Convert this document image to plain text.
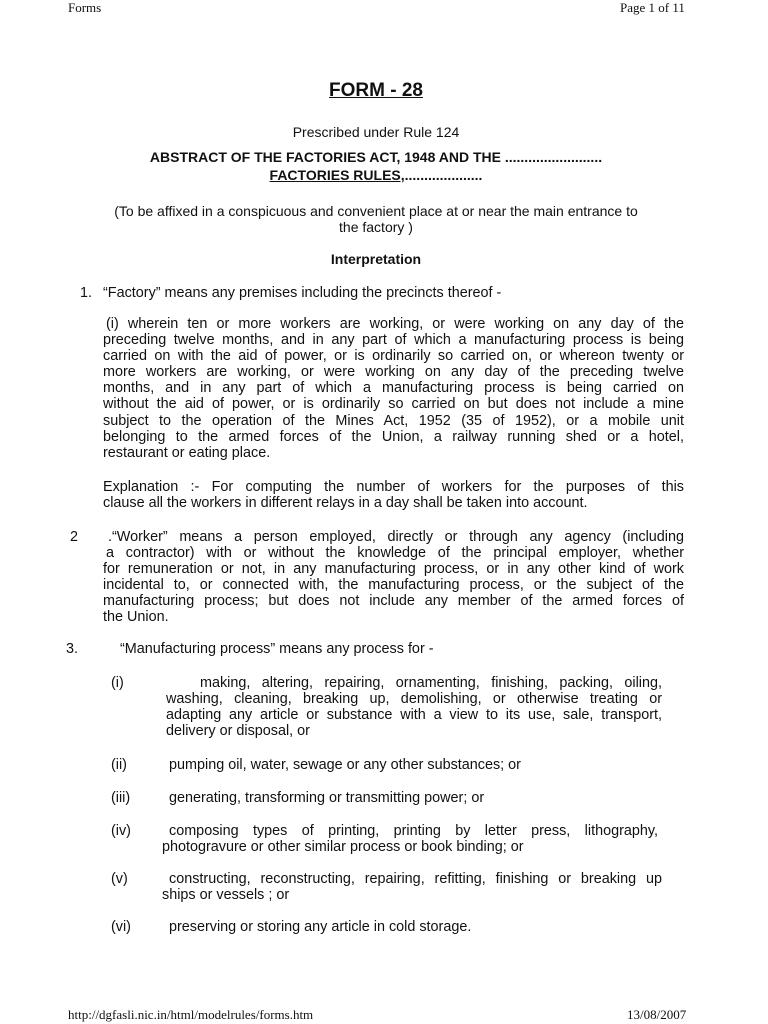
Forms	Page 1 of 11
FORM - 28
Prescribed under Rule 124
ABSTRACT OF THE FACTORIES ACT, 1948 AND THE .........................
FACTORIES RULES,....................
(To be affixed in a conspicuous and convenient place at or near the main entrance to
the factory )
Interpretation
1. “Factory” means any premises including the precincts thereof -
(i) wherein ten or more workers are working, or were working on any day of the
preceding twelve months, and in any part of which a manufacturing process is being
carried on with the aid of power, or is ordinarily so carried on, or whereon twenty or
more workers are working, or were working on any day of the preceding twelve
months, and in any part of which a manufacturing process is being carried on
without the aid of power, or is ordinarily so carried on but does not include a mine
subject to the operation of the Mines Act, 1952 (35 of 1952), or a mobile unit
belonging to the armed forces of the Union, a railway running shed or a hotel,
restaurant or eating place.
Explanation :- For computing the number of workers for the purposes of this
clause all the workers in different relays in a day shall be taken into account.
2	.“Worker” means a person employed, directly or through any agency (including
a contractor) with or without the knowledge of the principal employer, whether
for remuneration or not, in any manufacturing process, or in any other kind of work
incidental to, or connected with, the manufacturing process, or the subject of the
manufacturing process; but does not include any member of the armed forces of
the Union.
3.	“Manufacturing process” means any process for -
(i)	making, altering, repairing, ornamenting, finishing, packing, oiling,
washing, cleaning, breaking up, demolishing, or otherwise treating or
adapting any article or substance with a view to its use, sale, transport,
delivery or disposal, or
(ii)	pumping oil, water, sewage or any other substances; or
(iii)	generating, transforming or transmitting power; or
(iv)	composing types of printing, printing by letter press, lithography,
photogravure or other similar process or book binding; or
(v)	constructing, reconstructing, repairing, refitting, finishing or breaking up
ships or vessels ; or
(vi)	preserving or storing any article in cold storage.
http://dgfasli.nic.in/html/modelrules/forms.htm	13/08/2007
